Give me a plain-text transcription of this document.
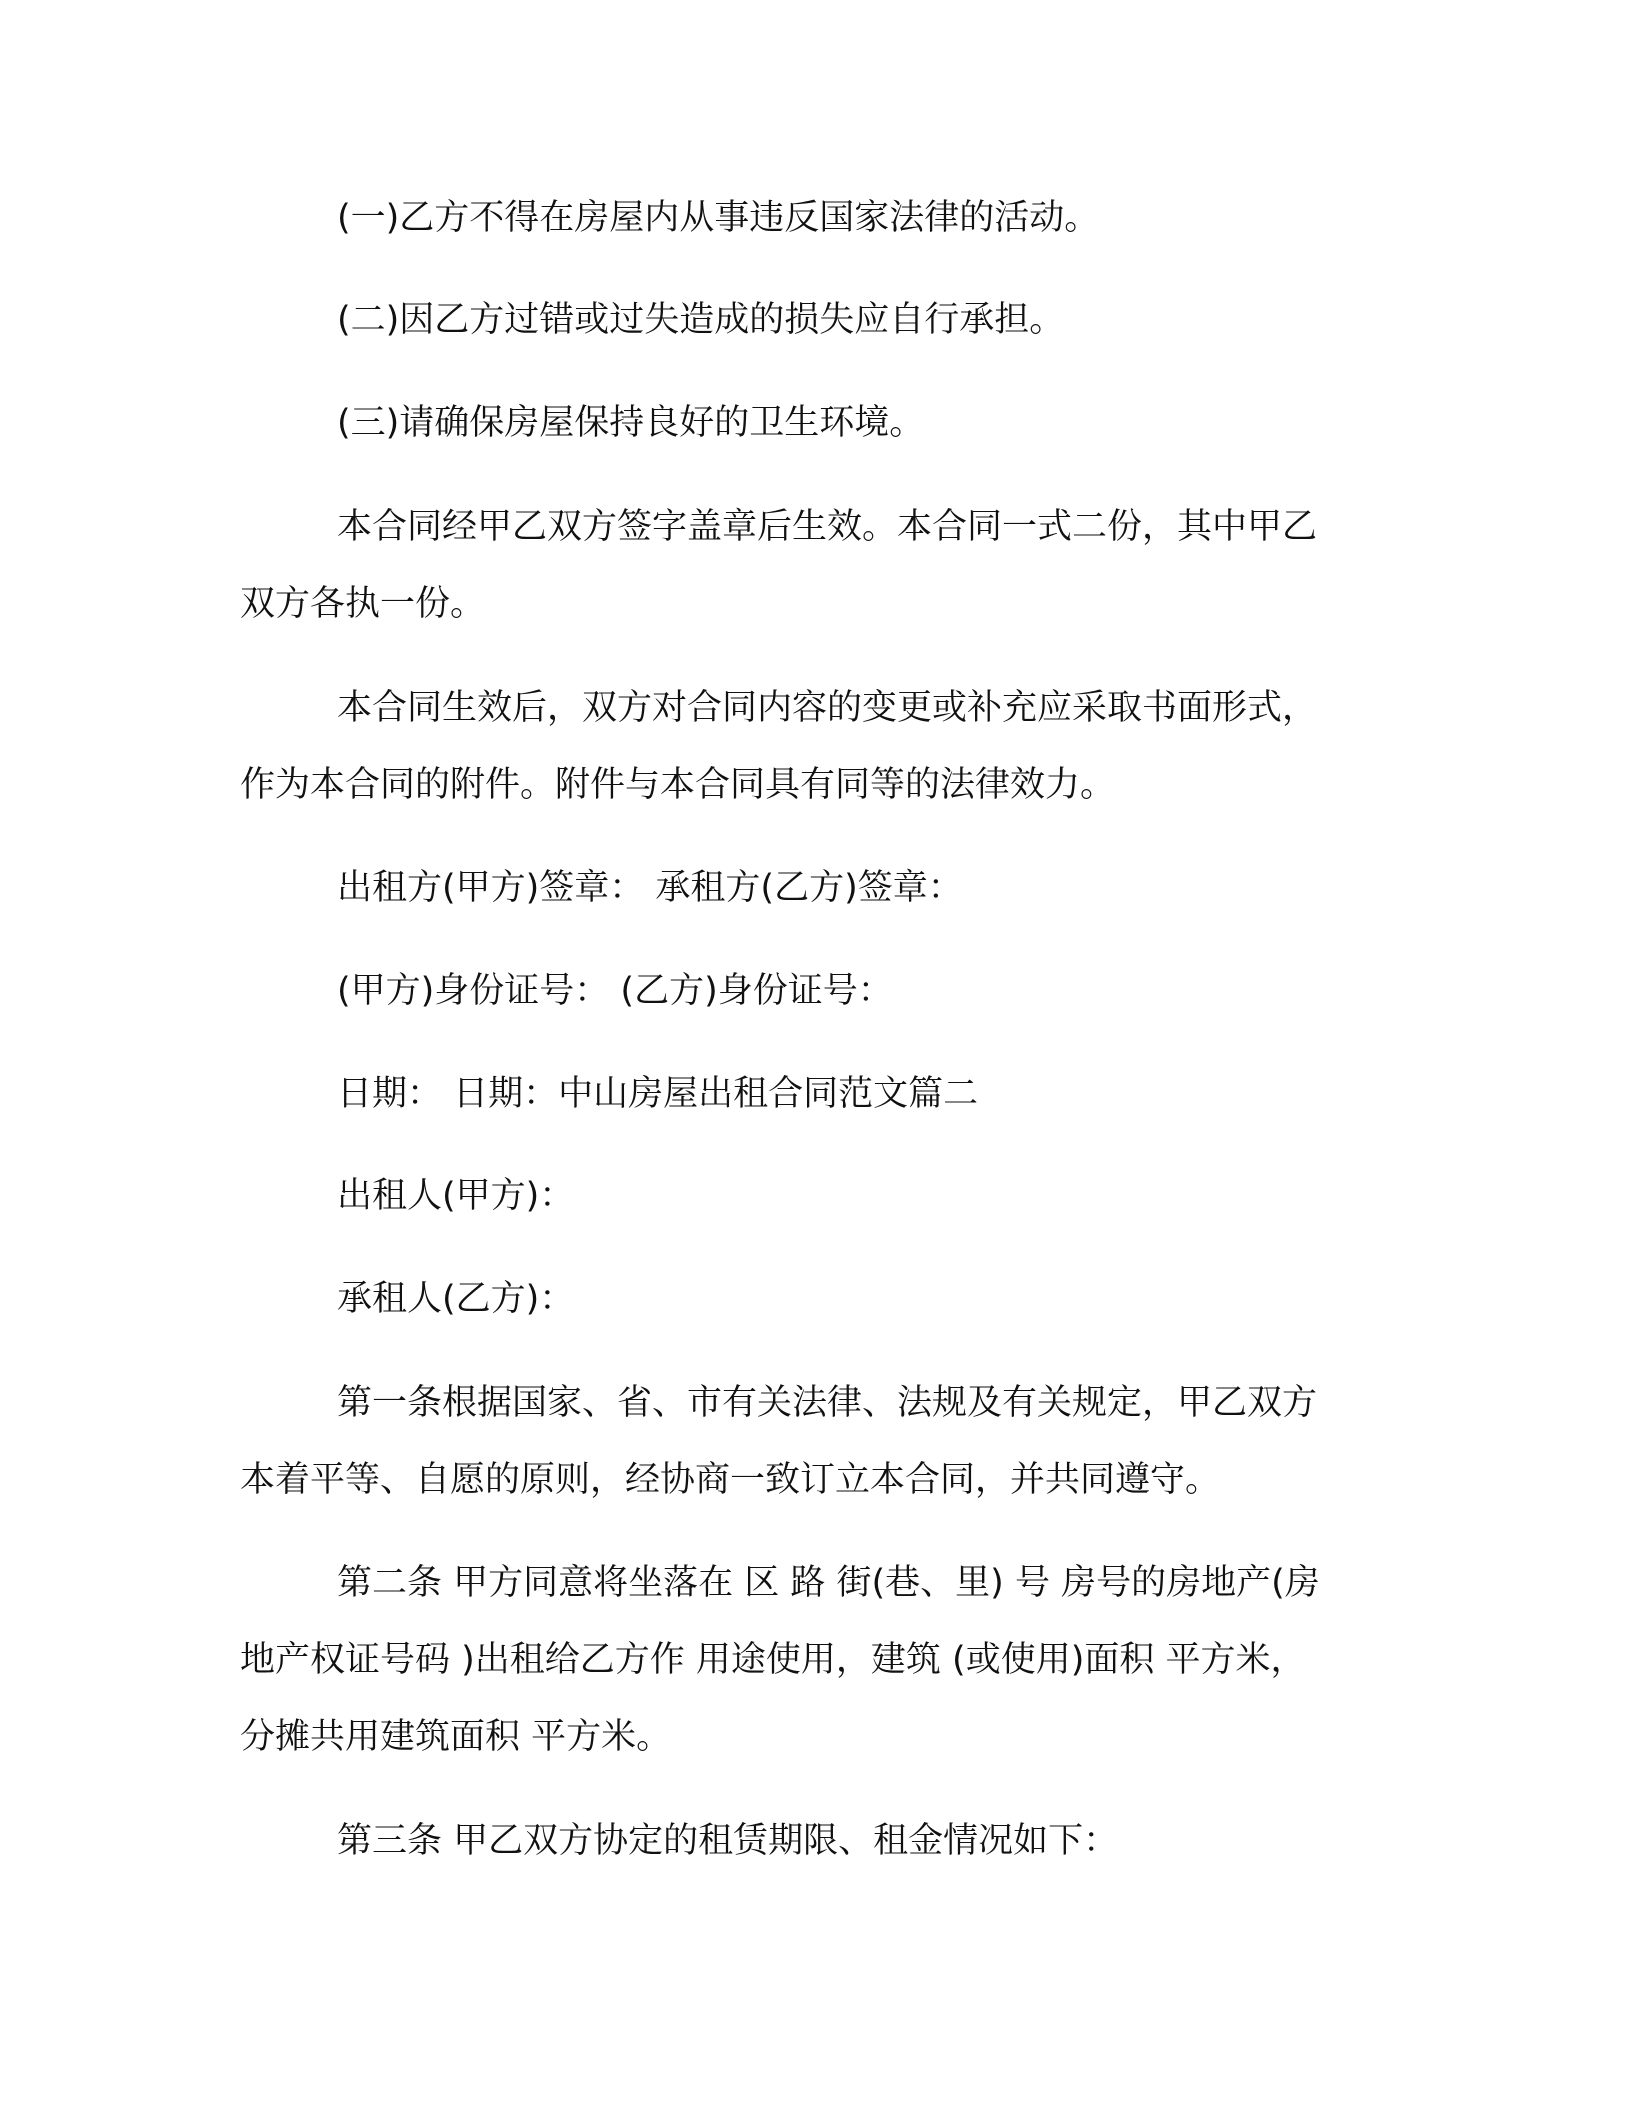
(一)乙方不得在房屋内从事违反国家法律的活动。

(二)因乙方过错或过失造成的损失应自行承担。

(三)请确保房屋保持良好的卫生环境。

本合同经甲乙双方签字盖章后生效。本合同一式二份，其中甲乙
双方各执一份。

本合同生效后，双方对合同内容的变更或补充应采取书面形式，
作为本合同的附件。附件与本合同具有同等的法律效力。

出租方(甲方)签章： 承租方(乙方)签章：

(甲方)身份证号： (乙方)身份证号：

日期： 日期：中山房屋出租合同范文篇二

出租人(甲方)：

承租人(乙方)：

第一条根据国家、省、市有关法律、法规及有关规定，甲乙双方
本着平等、自愿的原则，经协商一致订立本合同，并共同遵守。

第二条 甲方同意将坐落在 区 路 街(巷、里) 号 房号的房地产(房
地产权证号码 )出租给乙方作 用途使用，建筑 (或使用)面积 平方米，
分摊共用建筑面积 平方米。

第三条 甲乙双方协定的租赁期限、租金情况如下：
